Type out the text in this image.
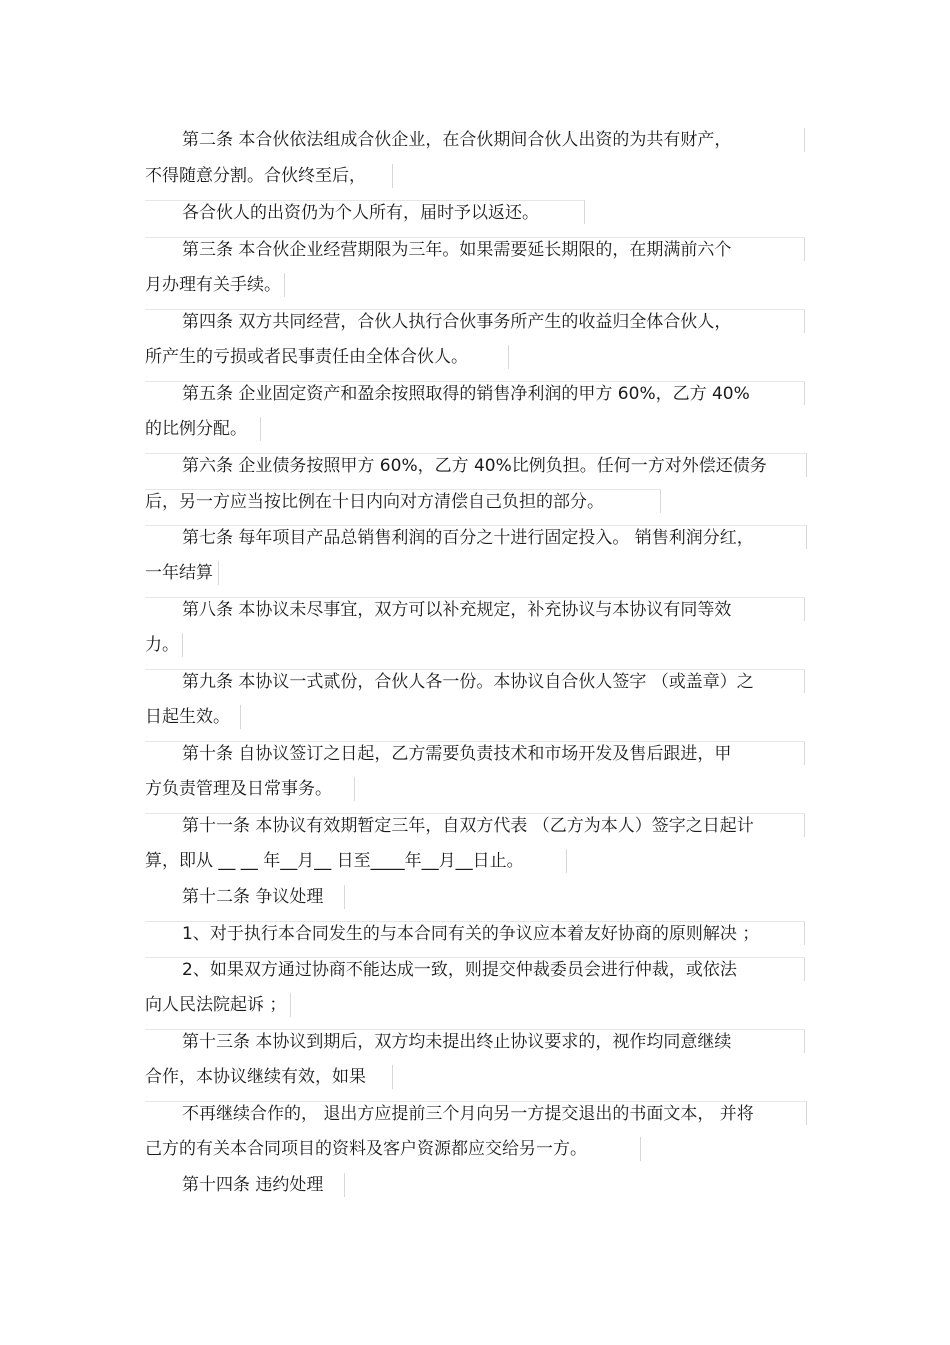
第二条 本合伙依法组成合伙企业，在合伙期间合伙人出资的为共有财产，
不得随意分割。合伙终至后，
各合伙人的出资仍为个人所有，届时予以返还。
第三条 本合伙企业经营期限为三年。如果需要延长期限的，在期满前六个
月办理有关手续。
第四条 双方共同经营，合伙人执行合伙事务所产生的收益归全体合伙人，
所产生的亏损或者民事责任由全体合伙人。
第五条 企业固定资产和盈余按照取得的销售净利润的甲方 60%，乙方 40%
的比例分配。
第六条 企业债务按照甲方 60%，乙方 40%比例负担。任何一方对外偿还债务
后，另一方应当按比例在十日内向对方清偿自己负担的部分。
第七条 每年项目产品总销售利润的百分之十进行固定投入。 销售利润分红，
一年结算
第八条 本协议未尽事宜，双方可以补充规定，补充协议与本协议有同等效
力。
第九条 本协议一式贰份，合伙人各一份。本协议自合伙人签字 （或盖章）之
日起生效。
第十条 自协议签订之日起，乙方需要负责技术和市场开发及售后跟进，甲
方负责管理及日常事务。
第十一条 本协议有效期暂定三年，自双方代表 （乙方为本人）签字之日起计
算，即从 __ __ 年__月__ 日至____年__月__日止。
第十二条 争议处理
1、对于执行本合同发生的与本合同有关的争议应本着友好协商的原则解决 ；
2、如果双方通过协商不能达成一致，则提交仲裁委员会进行仲裁，或依法
向人民法院起诉 ；
第十三条 本协议到期后，双方均未提出终止协议要求的，视作均同意继续
合作，本协议继续有效，如果
不再继续合作的， 退出方应提前三个月向另一方提交退出的书面文本， 并将
己方的有关本合同项目的资料及客户资源都应交给另一方。
第十四条 违约处理
